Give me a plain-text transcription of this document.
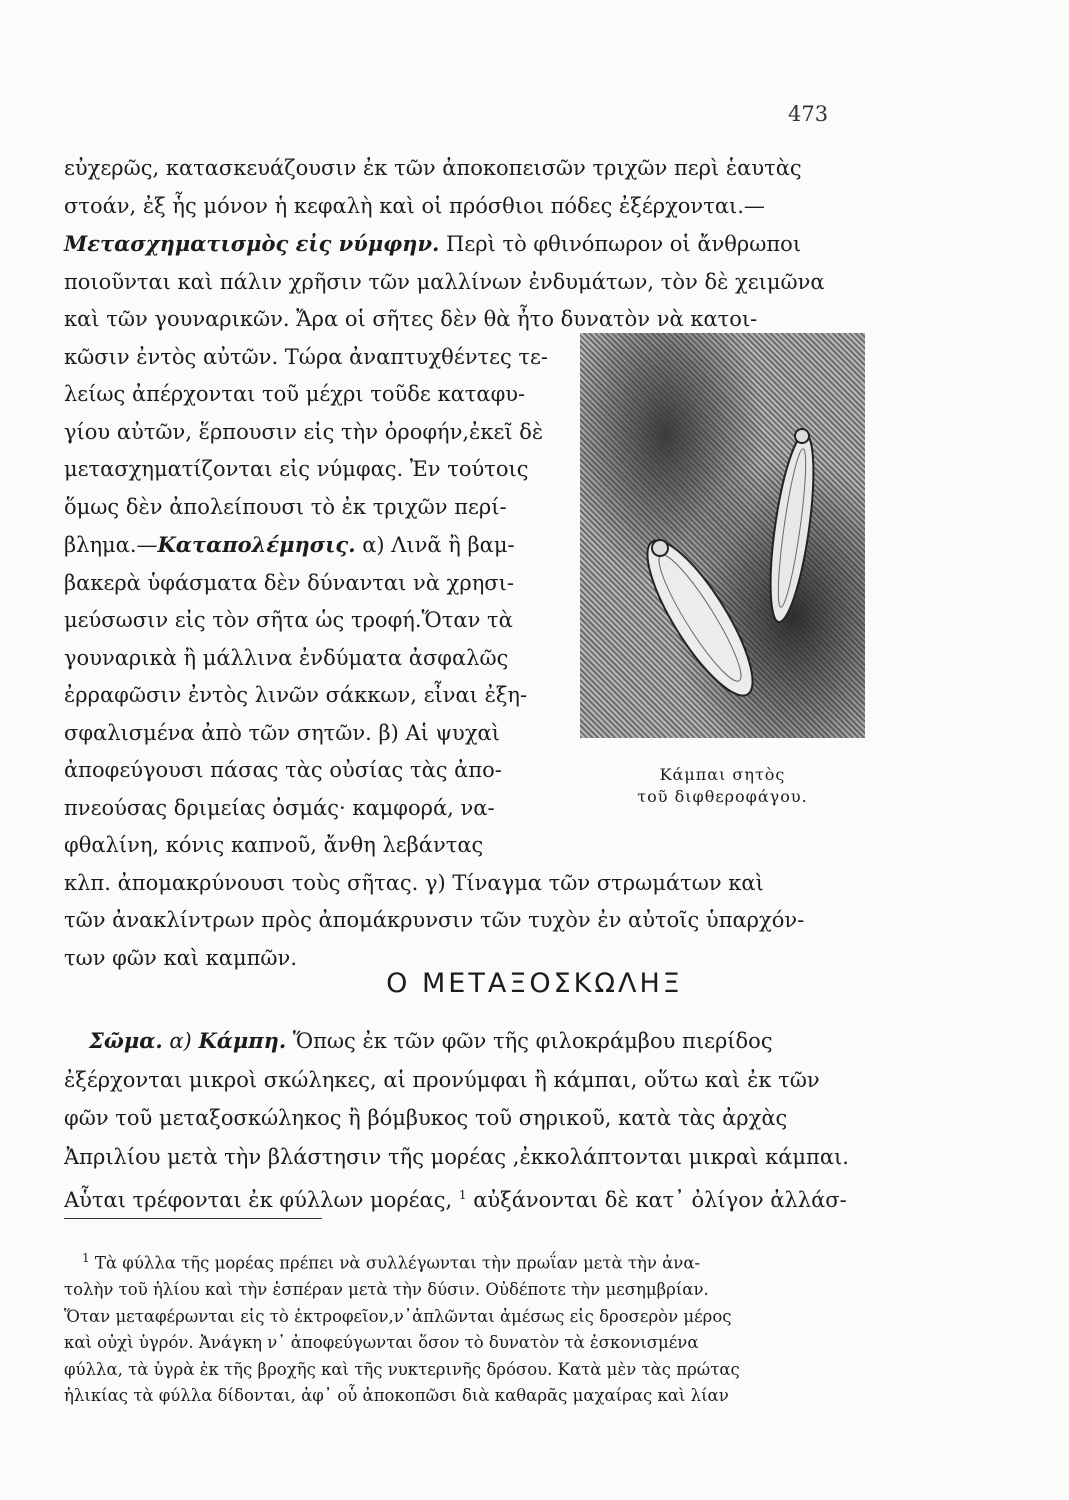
473
εὐχερῶς, κατασκευάζουσιν ἐκ τῶν ἀποκοπεισῶν τριχῶν περὶ ἑαυτὰς
στοάν, ἐξ ἧς μόνον ἡ κεφαλὴ καὶ οἱ πρόσθιοι πόδες ἐξέρχονται.—
Μετασχηματισμὸς εἰς νύμφην. Περὶ τὸ φθινόπωρον οἱ ἄνθρωποι
ποιοῦνται καὶ πάλιν χρῆσιν τῶν μαλλίνων ἐνδυμάτων, τὸν δὲ χειμῶνα
καὶ τῶν γουναρικῶν. Ἄρα οἱ σῆτες δὲν θὰ ἦτο δυνατὸν νὰ κατοι-
κῶσιν ἐντὸς αὐτῶν. Τώρα ἀναπτυχθέντες τε-
λείως ἀπέρχονται τοῦ μέχρι τοῦδε καταφυ-
γίου αὐτῶν, ἕρπουσιν εἰς τὴν ὀροφήν,ἐκεῖ δὲ
μετασχηματίζονται εἰς νύμφας. Ἐν τούτοις
ὅμως δὲν ἀπολείπουσι τὸ ἐκ τριχῶν περί-
βλημα.—Καταπολέμησις. α) Λινᾶ ἢ βαμ-
βακερὰ ὑφάσματα δὲν δύνανται νὰ χρησι-
μεύσωσιν εἰς τὸν σῆτα ὡς τροφή.Ὅταν τὰ
γουναρικὰ ἢ μάλλινα ἐνδύματα ἀσφαλῶς
ἐρραφῶσιν ἐντὸς λινῶν σάκκων, εἶναι ἐξη-
σφαλισμένα ἀπὸ τῶν σητῶν. β) Αἱ ψυχαὶ
ἀποφεύγουσι πάσας τὰς οὐσίας τὰς ἀπο-
πνεούσας δριμείας ὀσμάς· καμφορά, να-
φθαλίνη, κόνις καπνοῦ, ἄνθη λεβάντας
κλπ. ἀπομακρύνουσι τοὺς σῆτας. γ) Τίναγμα τῶν στρωμάτων καὶ
τῶν ἀνακλίντρων πρὸς ἀπομάκρυνσιν τῶν τυχὸν ἐν αὐτοῖς ὑπαρχόν-
των φῶν καὶ καμπῶν.
Κάμπαι σητὸς
τοῦ διφθεροφάγου.
Ο ΜΕΤΑΞΟΣΚΩΛΗΞ
Σῶμα. α) Κάμπη. Ὅπως ἐκ τῶν φῶν τῆς φιλοκράμβου πιερίδος
ἐξέρχονται μικροὶ σκώληκες, αἱ προνύμφαι ἢ κάμπαι, οὕτω καὶ ἐκ τῶν
φῶν τοῦ μεταξοσκώληκος ἢ βόμβυκος τοῦ σηρικοῦ, κατὰ τὰς ἀρχὰς
Ἀπριλίου μετὰ τὴν βλάστησιν τῆς μορέας ,ἐκκολάπτονται μικραὶ κάμπαι.
Αὗται τρέφονται ἐκ φύλλων μορέας, $^1$ αὐξάνονται δὲ κατ᾽ ὀλίγον ἀλλάσ-
$^1$ Τὰ φύλλα τῆς μορέας πρέπει νὰ συλλέγωνται τὴν πρωΐαν μετὰ τὴν ἀνα-
τολὴν τοῦ ἡλίου καὶ τὴν ἑσπέραν μετὰ τὴν δύσιν. Οὐδέποτε τὴν μεσημβρίαν.
Ὅταν μεταφέρωνται εἰς τὸ ἐκτροφεῖον,ν᾽ἁπλῶνται ἀμέσως εἰς δροσερὸν μέρος
καὶ οὐχὶ ὑγρόν. Ἀνάγκη ν᾽ ἀποφεύγωνται ὅσον τὸ δυνατὸν τὰ ἐσκονισμένα
φύλλα, τὰ ὑγρὰ ἐκ τῆς βροχῆς καὶ τῆς νυκτερινῆς δρόσου. Κατὰ μὲν τὰς πρώτας
ἡλικίας τὰ φύλλα δίδονται, ἀφ᾽ οὗ ἀποκοπῶσι διὰ καθαρᾶς μαχαίρας καὶ λίαν
